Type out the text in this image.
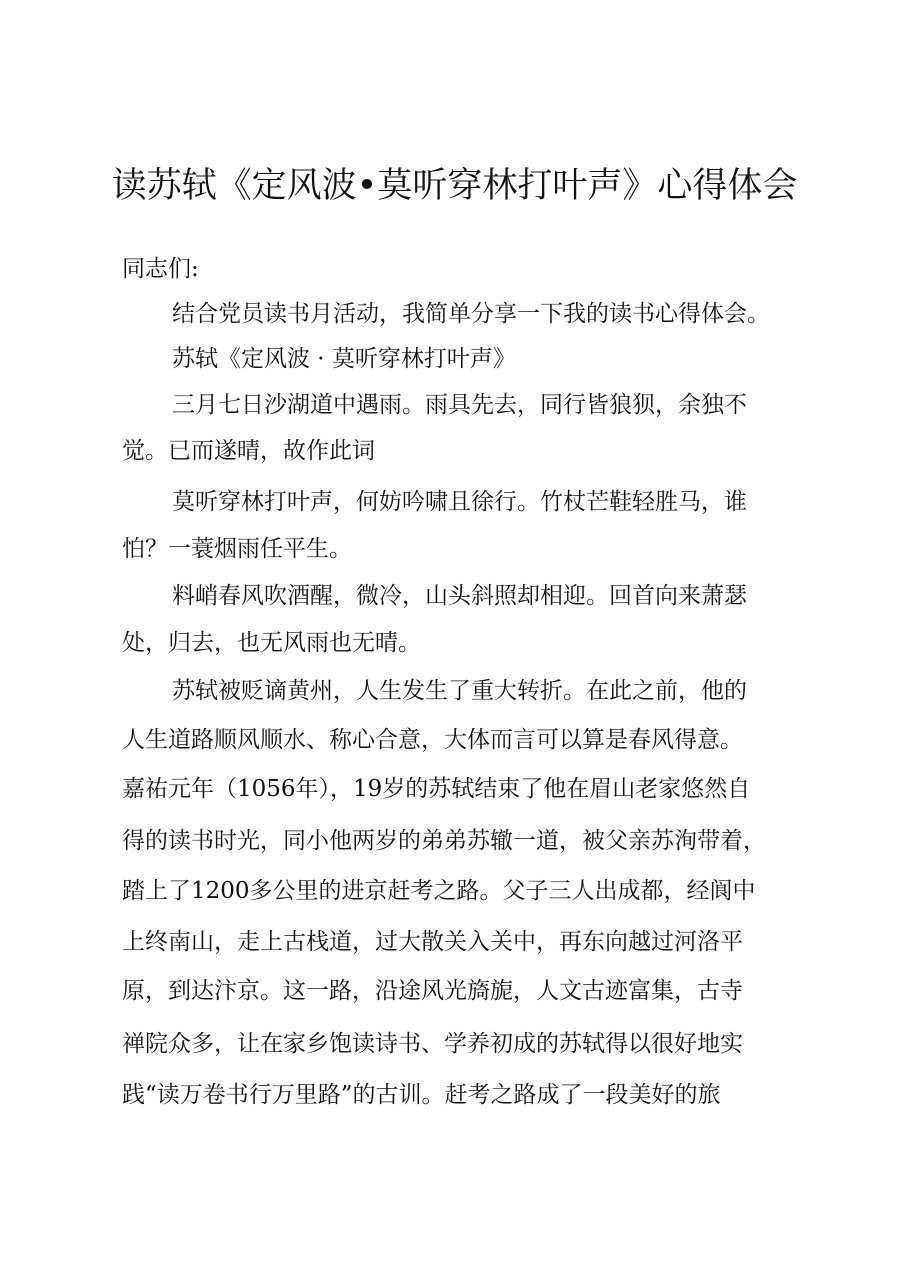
读苏轼《定风波•莫听穿林打叶声》心得体会
同志们:
结合党员读书月活动，我简单分享一下我的读书心得体会。
苏轼《定风波 · 莫听穿林打叶声》
三月七日沙湖道中遇雨。雨具先去，同行皆狼狈，余独不
觉。已而遂晴，故作此词
莫听穿林打叶声，何妨吟啸且徐行。竹杖芒鞋轻胜马，谁
怕？一蓑烟雨任平生。
料峭春风吹酒醒，微冷，山头斜照却相迎。回首向来萧瑟
处，归去，也无风雨也无晴。
苏轼被贬谪黄州，人生发生了重大转折。在此之前，他的
人生道路顺风顺水、称心合意，大体而言可以算是春风得意。
嘉祐元年（1056年），19岁的苏轼结束了他在眉山老家悠然自
得的读书时光，同小他两岁的弟弟苏辙一道，被父亲苏洵带着，
踏上了1200多公里的进京赶考之路。父子三人出成都，经阆中
上终南山，走上古栈道，过大散关入关中，再东向越过河洛平
原，到达汴京。这一路，沿途风光旖旎，人文古迹富集，古寺
禅院众多，让在家乡饱读诗书、学养初成的苏轼得以很好地实
践“读万卷书行万里路”的古训。赶考之路成了一段美好的旅
